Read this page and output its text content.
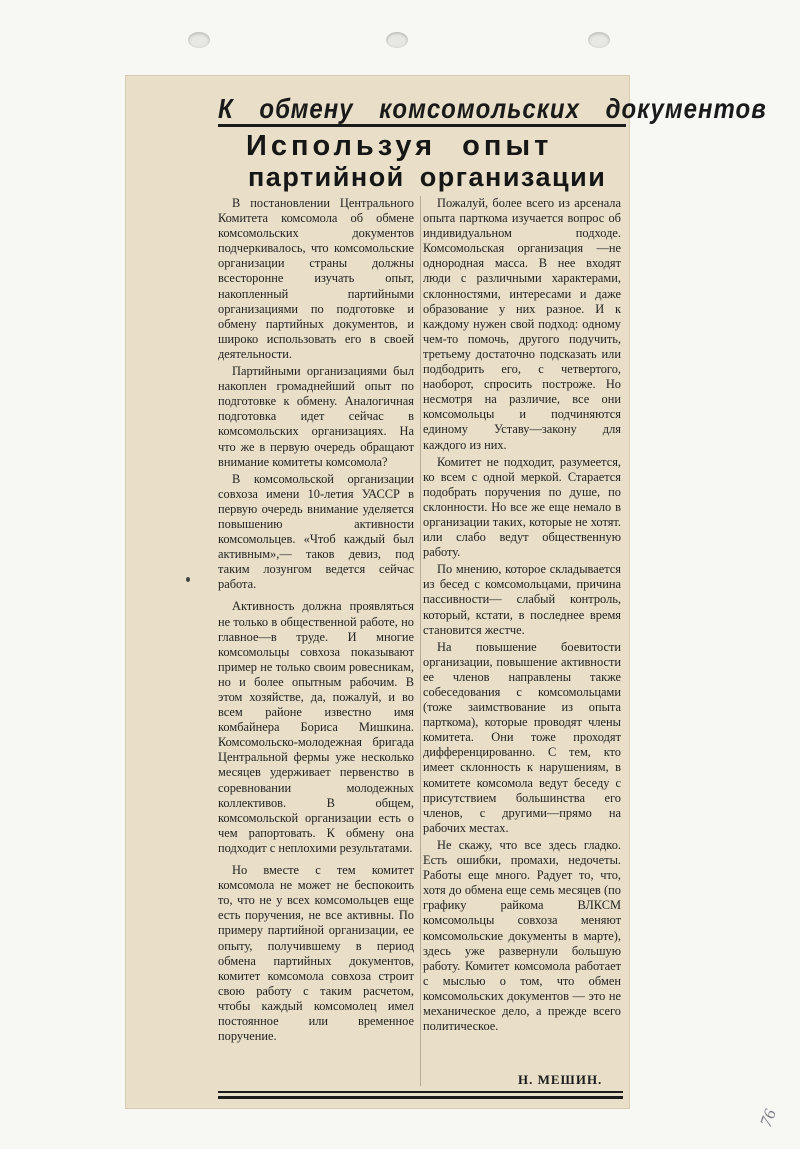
К обмену комсомольских документов
Используя опыт
партийной организации

В постановлении Центрального Комитета комсомола об обмене комсомольских документов подчеркивалось, что комсомольские организации страны должны всесторонне изучать опыт, накопленный партийными организациями по подготовке и обмену партийных документов, и широко использовать его в своей деятельности.

Партийными организациями был накоплен громаднейший опыт по подготовке к обмену. Аналогичная подготовка идет сейчас в комсомольских организациях. На что же в первую очередь обращают внимание комитеты комсомола?

В комсомольской организации совхоза имени 10-летия УАССР в первую очередь внимание уделяется повышению активности комсомольцев. «Чтоб каждый был активным»,— таков девиз, под таким лозунгом ведется сейчас работа.

Активность должна проявляться не только в общественной работе, но главное—в труде. И многие комсомольцы совхоза показывают пример не только своим ровесникам, но и более опытным рабочим. В этом хозяйстве, да, пожалуй, и во всем районе известно имя комбайнера Бориса Мишкина. Комсомольско-молодежная бригада Центральной фермы уже несколько месяцев удерживает первенство в соревновании молодежных коллективов. В общем, комсомольской организации есть о чем рапортовать. К обмену она подходит с неплохими результатами.

Но вместе с тем комитет комсомола не может не беспокоить то, что не у всех комсомольцев еще есть поручения, не все активны. По примеру партийной организации, ее опыту, получившему в период обмена партийных документов, комитет комсомола совхоза строит свою работу с таким расчетом, чтобы каждый комсомолец имел постоянное или временное поручение.

Пожалуй, более всего из арсенала опыта парткома изучается вопрос об индивидуальном подходе. Комсомольская организация —не однородная масса. В нее входят люди с различными характерами, склонностями, интересами и даже образование у них разное. И к каждому нужен свой подход: одному чем-то помочь, другого подучить, третьему достаточно подсказать или подбодрить его, с четвертого, наоборот, спросить построже. Но несмотря на различие, все они комсомольцы и подчиняются единому Уставу—закону для каждого из них.

Комитет не подходит, разумеется, ко всем с одной меркой. Старается подобрать поручения по душе, по склонности. Но все же еще немало в организации таких, которые не хотят. или слабо ведут общественную работу.

По мнению, которое складывается из бесед с комсомольцами, причина пассивности— слабый контроль, который, кстати, в последнее время становится жестче.

На повышение боевитости организации, повышение активности ее членов направлены также собеседования с комсомольцами (тоже заимствование из опыта парткома), которые проводят члены комитета. Они тоже проходят дифференцированно. С тем, кто имеет склонность к нарушениям, в комитете комсомола ведут беседу с присутствием большинства его членов, с другими—прямо на рабочих местах.

Не скажу, что все здесь гладко. Есть ошибки, промахи, недочеты. Работы еще много. Радует то, что, хотя до обмена еще семь месяцев (по графику райкома ВЛКСМ комсомольцы совхоза меняют комсомольские документы в марте), здесь уже развернули большую работу. Комитет комсомола работает с мыслью о том, что обмен комсомольских документов — это не механическое дело, а прежде всего политическое.

Н. МЕШИН.
76
